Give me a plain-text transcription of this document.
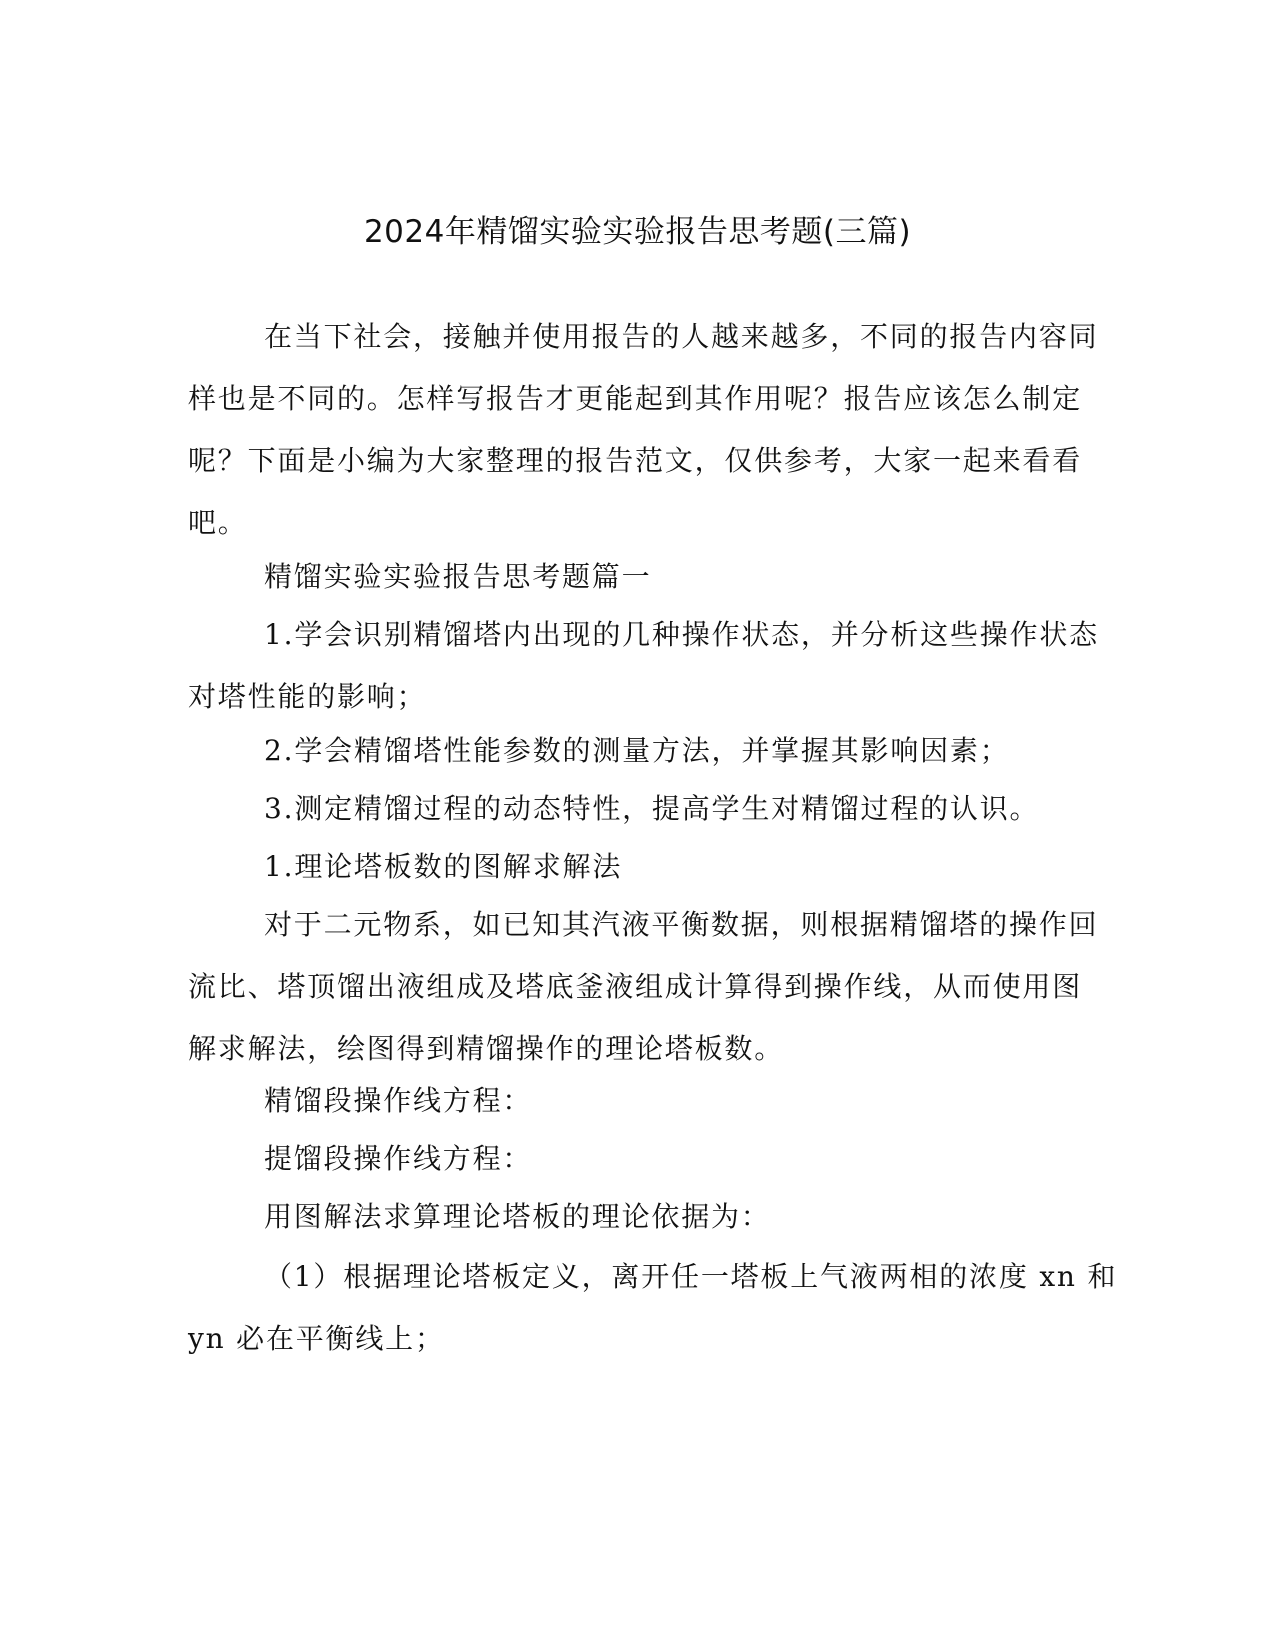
2024年精馏实验实验报告思考题(三篇)
在当下社会，接触并使用报告的人越来越多，不同的报告内容同
样也是不同的。怎样写报告才更能起到其作用呢？报告应该怎么制定
呢？下面是小编为大家整理的报告范文，仅供参考，大家一起来看看
吧。
精馏实验实验报告思考题篇一
1.学会识别精馏塔内出现的几种操作状态，并分析这些操作状态
对塔性能的影响；
2.学会精馏塔性能参数的测量方法，并掌握其影响因素；
3.测定精馏过程的动态特性，提高学生对精馏过程的认识。
1.理论塔板数的图解求解法
对于二元物系，如已知其汽液平衡数据，则根据精馏塔的操作回
流比、塔顶馏出液组成及塔底釜液组成计算得到操作线，从而使用图
解求解法，绘图得到精馏操作的理论塔板数。
精馏段操作线方程：
提馏段操作线方程：
用图解法求算理论塔板的理论依据为：
（1）根据理论塔板定义，离开任一塔板上气液两相的浓度 xn 和
yn 必在平衡线上；
